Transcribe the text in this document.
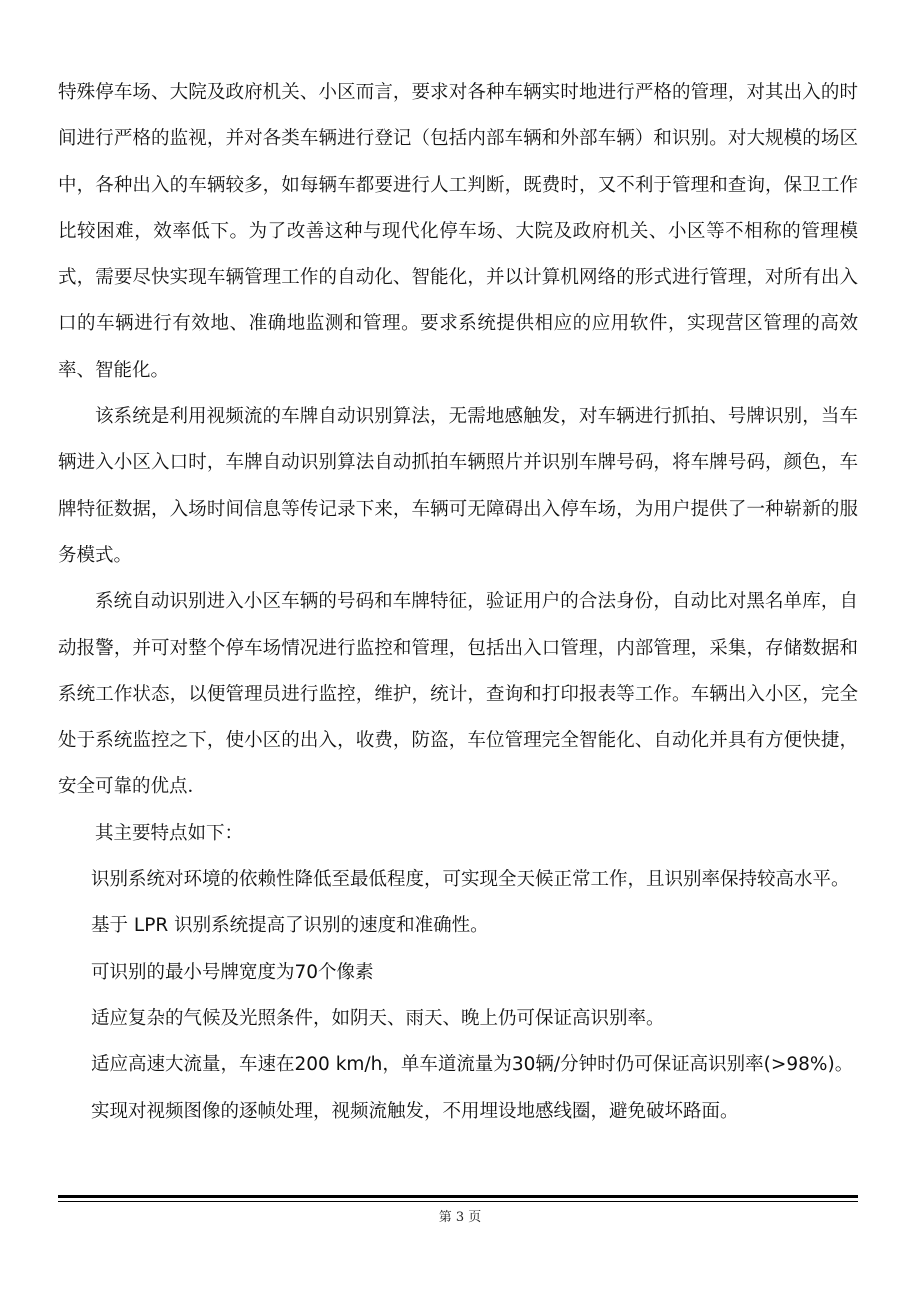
特殊停车场、大院及政府机关、小区而言，要求对各种车辆实时地进行严格的管理，对其出入的时间进行严格的监视，并对各类车辆进行登记（包括内部车辆和外部车辆）和识别。对大规模的场区中，各种出入的车辆较多，如每辆车都要进行人工判断，既费时，又不利于管理和查询，保卫工作比较困难，效率低下。为了改善这种与现代化停车场、大院及政府机关、小区等不相称的管理模式，需要尽快实现车辆管理工作的自动化、智能化，并以计算机网络的形式进行管理，对所有出入口的车辆进行有效地、准确地监测和管理。要求系统提供相应的应用软件，实现营区管理的高效率、智能化。

该系统是利用视频流的车牌自动识别算法，无需地感触发，对车辆进行抓拍、号牌识别，当车辆进入小区入口时，车牌自动识别算法自动抓拍车辆照片并识别车牌号码，将车牌号码，颜色，车牌特征数据，入场时间信息等传记录下来，车辆可无障碍出入停车场，为用户提供了一种崭新的服务模式。

系统自动识别进入小区车辆的号码和车牌特征，验证用户的合法身份，自动比对黑名单库，自动报警，并可对整个停车场情况进行监控和管理，包括出入口管理，内部管理，采集，存储数据和系统工作状态，以便管理员进行监控，维护，统计，查询和打印报表等工作。车辆出入小区，完全处于系统监控之下，使小区的出入，收费，防盗，车位管理完全智能化、自动化并具有方便快捷，安全可靠的优点．

其主要特点如下：

识别系统对环境的依赖性降低至最低程度，可实现全天候正常工作，且识别率保持较高水平。
基于 LPR 识别系统提高了识别的速度和准确性。
可识别的最小号牌宽度为70个像素
适应复杂的气候及光照条件，如阴天、雨天、晚上仍可保证高识别率。
适应高速大流量，车速在200 km/h，单车道流量为30辆/分钟时仍可保证高识别率(>98%)。
实现对视频图像的逐帧处理，视频流触发，不用埋设地感线圈，避免破坏路面。
第 3 页
